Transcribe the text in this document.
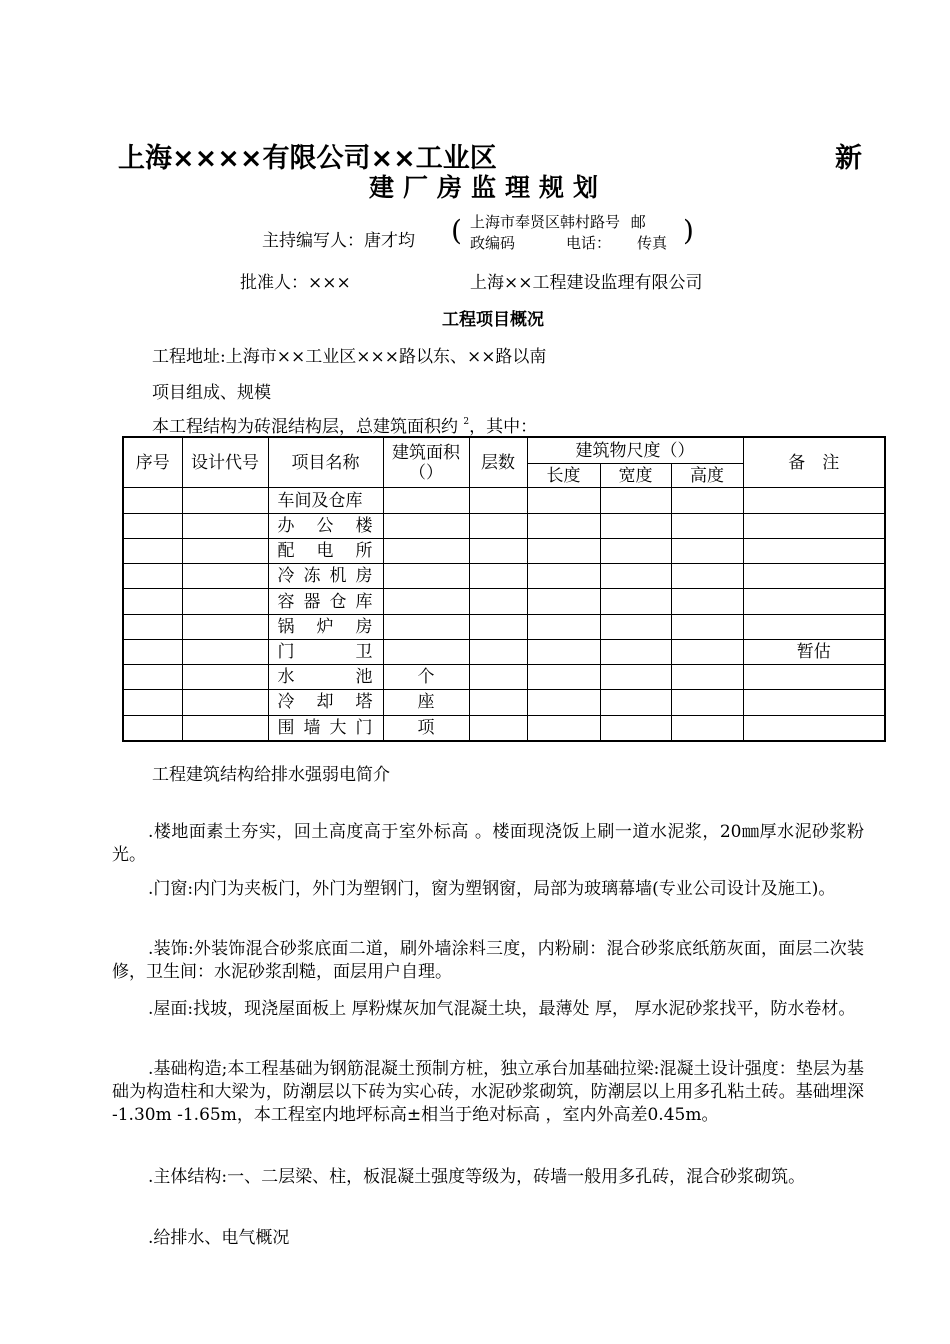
上海××××有限公司××工业区	新
建厂房监理规划
主持编写人：唐才均 ( 上海市奉贤区韩村路号 邮
政编码	电话： 传真 )
批准人：×××	上海××工程建设监理有限公司
工程项目概况
工程地址:上海市××工业区×××路以东、××路以南
项目组成、规模
本工程结构为砖混结构层，总建筑面积约 $^2$，其中：
序号	设计代号	项目名称	建筑面积（）	层数	建筑物尺度（）			备　注
					长度	宽度	高度	
		车间及仓库						

		办 公 楼						

		配 电 所						

		冷 冻 机 房						

		容 器 仓 库						

		锅 炉 房						

		门 卫						暂估

		水 池	个					

		冷 却 塔	座					

		围 墙 大 门	项					
工程建筑结构给排水强弱电简介
.楼地面素土夯实，回土高度高于室外标高 。楼面现浇饭上刷一道水泥浆，20㎜厚水泥砂浆粉光。
.门窗:内门为夹板门，外门为塑钢门，窗为塑钢窗，局部为玻璃幕墙(专业公司设计及施工)。
.装饰:外装饰混合砂浆底面二道，刷外墙涂料三度，内粉刷：混合砂浆底纸筋灰面，面层二次装修，卫生间：水泥砂浆刮糙，面层用户自理。
.屋面:找坡，现浇屋面板上 厚粉煤灰加气混凝土块，最薄处 厚， 厚水泥砂浆找平，防水卷材。
.基础构造;本工程基础为钢筋混凝土预制方桩，独立承台加基础拉梁:混凝土设计强度：垫层为基础为构造柱和大梁为，防潮层以下砖为实心砖，水泥砂浆砌筑，防潮层以上用多孔粘土砖。基础埋深 -1.30m -1.65m，本工程室内地坪标高±相当于绝对标高 ，室内外高差0.45m。
.主体结构:一、二层梁、柱，板混凝土强度等级为，砖墙一般用多孔砖，混合砂浆砌筑。
.给排水、电气概况
